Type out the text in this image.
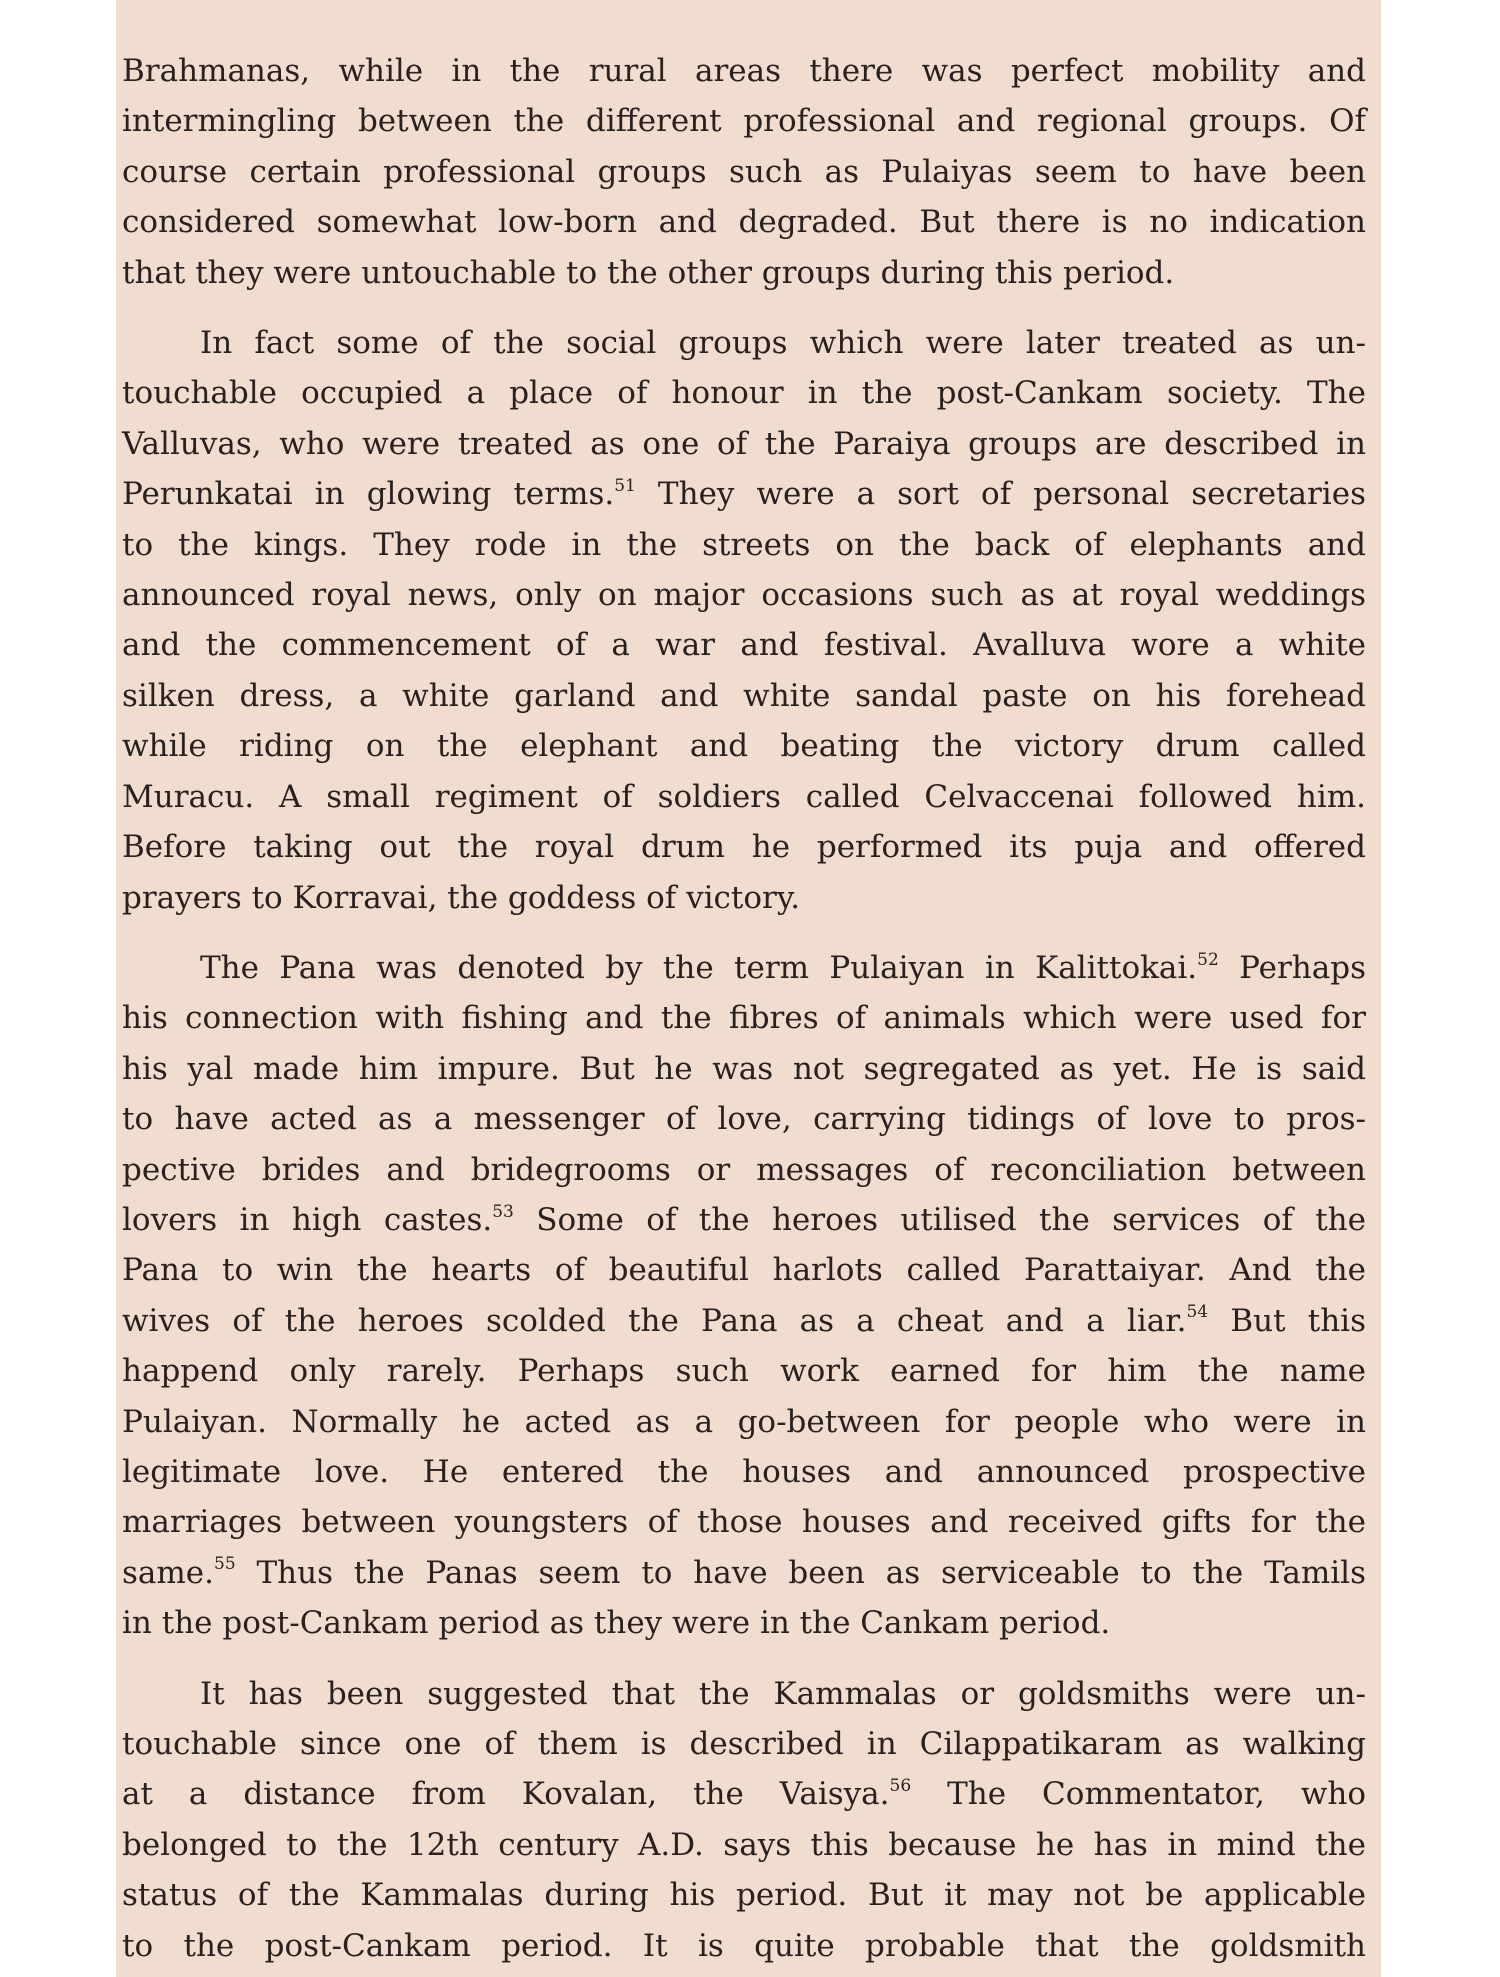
Brahmanas, while in the rural areas there was perfect mobility and
intermingling between the different professional and regional groups. Of
course certain professional groups such as Pulaiyas seem to have been
considered somewhat low-born and degraded. But there is no indication
that they were untouchable to the other groups during this period.

In fact some of the social groups which were later treated as un-
touchable occupied a place of honour in the post-Cankam society. The
Valluvas, who were treated as one of the Paraiya groups are described in
Perunkatai in glowing terms.$^{51}$ They were a sort of personal secretaries
to the kings. They rode in the streets on the back of elephants and
announced royal news, only on major occasions such as at royal weddings
and the commencement of a war and festival. Avalluva wore a white
silken dress, a white garland and white sandal paste on his forehead
while riding on the elephant and beating the victory drum called
Muracu. A small regiment of soldiers called Celvaccenai followed him.
Before taking out the royal drum he performed its puja and offered
prayers to Korravai, the goddess of victory.

The Pana was denoted by the term Pulaiyan in Kalittokai.$^{52}$ Perhaps
his connection with fishing and the fibres of animals which were used for
his yal made him impure. But he was not segregated as yet. He is said
to have acted as a messenger of love, carrying tidings of love to pros-
pective brides and bridegrooms or messages of reconciliation between
lovers in high castes.$^{53}$ Some of the heroes utilised the services of the
Pana to win the hearts of beautiful harlots called Parattaiyar. And the
wives of the heroes scolded the Pana as a cheat and a liar.$^{54}$ But this
happend only rarely. Perhaps such work earned for him the name
Pulaiyan. Normally he acted as a go-between for people who were in
legitimate love. He entered the houses and announced prospective
marriages between youngsters of those houses and received gifts for the
same.$^{55}$ Thus the Panas seem to have been as serviceable to the Tamils
in the post-Cankam period as they were in the Cankam period.

It has been suggested that the Kammalas or goldsmiths were un-
touchable since one of them is described in Cilappatikaram as walking
at a distance from Kovalan, the Vaisya.$^{56}$ The Commentator, who
belonged to the 12th century A.D. says this because he has in mind the
status of the Kammalas during his period. But it may not be applicable
to the post-Cankam period. It is quite probable that the goldsmith
